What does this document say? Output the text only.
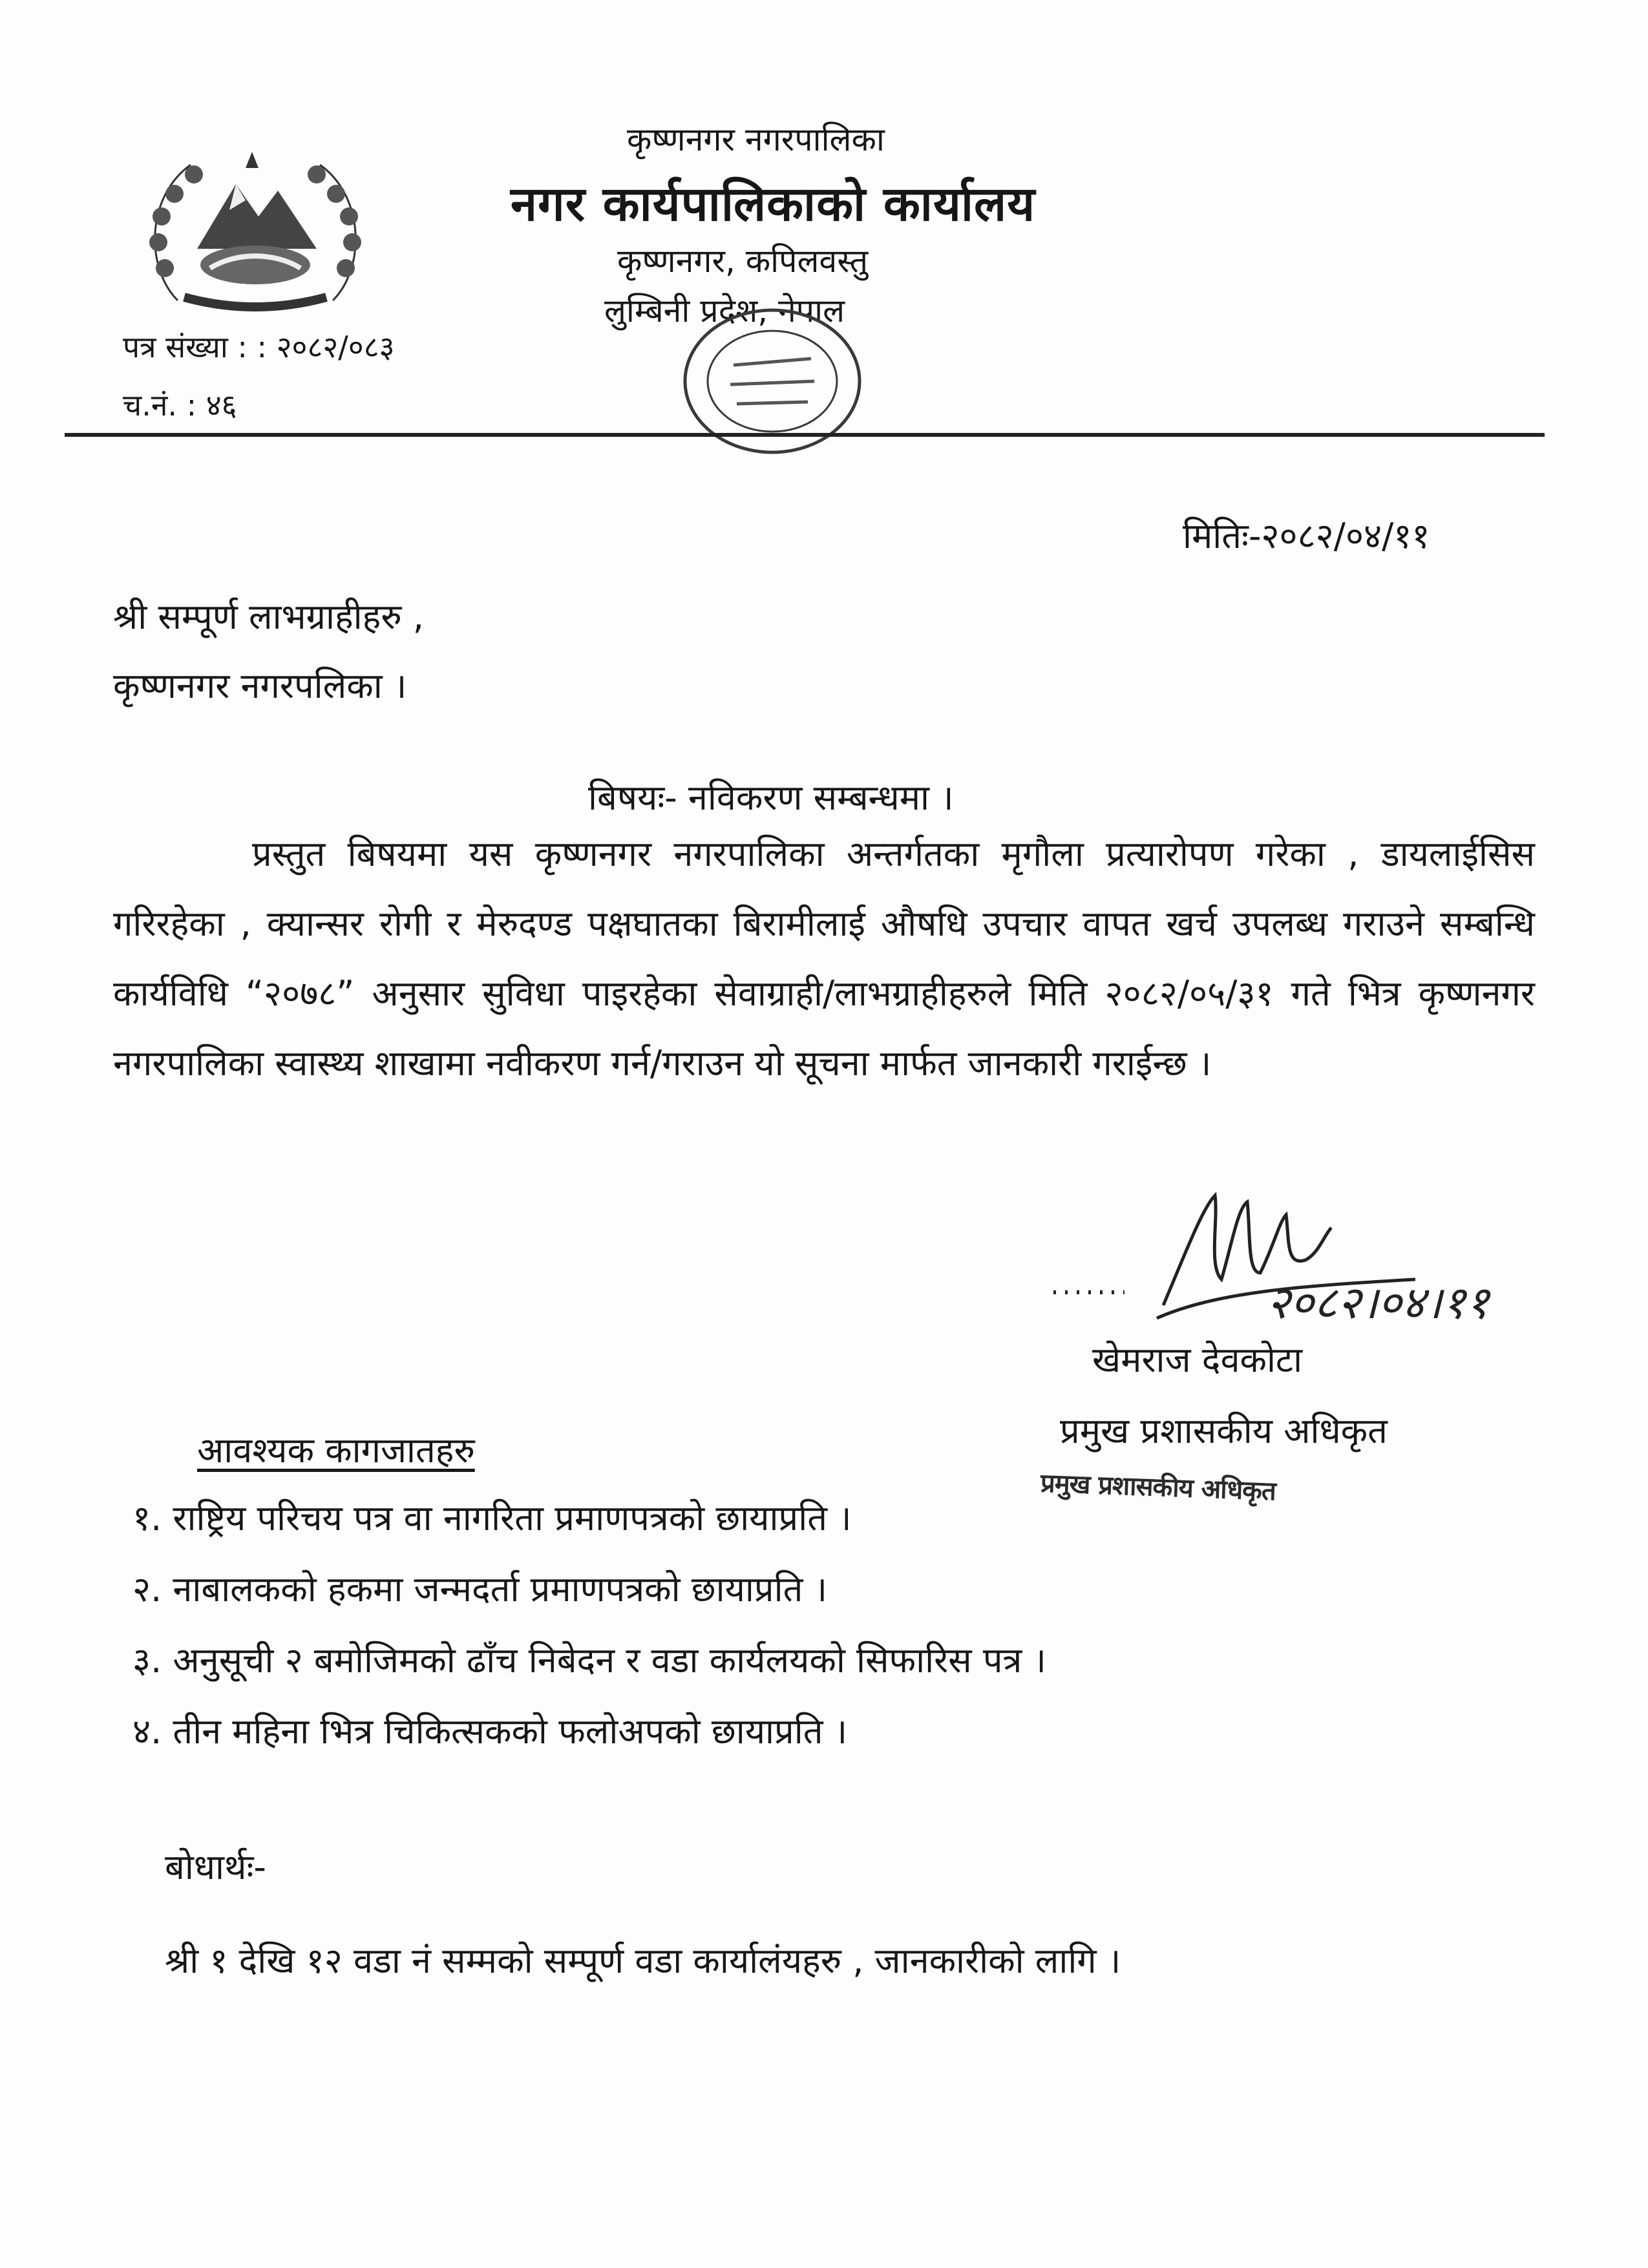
कृष्णनगर नगरपालिका
नगर कार्यपालिकाको कार्यालय
कृष्णनगर, कपिलवस्तु
लुम्बिनी प्रदेश, नेपाल
पत्र संख्या : : २०८२/०८३
च.नं. : ४६
मितिः-२०८२/०४/११
श्री सम्पूर्ण लाभग्राहीहरु ,
कृष्णनगर नगरपलिका ।
बिषयः- नविकरण सम्बन्धमा ।
प्रस्तुत बिषयमा यस कृष्णनगर नगरपालिका अन्तर्गतका मृगौला प्रत्यारोपण गरेका , डायलाईसिस गरिरहेका , क्यान्सर रोगी र मेरुदण्ड पक्षघातका बिरामीलाई औषधि उपचार वापत खर्च उपलब्ध गराउने सम्बन्धि कार्यविधि “२०७८” अनुसार सुविधा पाइरहेका सेवाग्राही/लाभग्राहीहरुले मिति २०८२/०५/३१ गते भित्र कृष्णनगर नगरपालिका स्वास्थ्य शाखामा नवीकरण गर्न/गराउन यो सूचना मार्फत जानकारी गराईन्छ ।
२०८२।०४।११
खेमराज देवकोटा
प्रमुख प्रशासकीय अधिकृत
प्रमुख प्रशासकीय अधिकृत
आवश्यक कागजातहरु
१. राष्ट्रिय परिचय पत्र वा नागरिता प्रमाणपत्रको छायाप्रति ।
२. नाबालकको हकमा जन्मदर्ता प्रमाणपत्रको छायाप्रति ।
३. अनुसूची २ बमोजिमको ढाँच निबेदन र वडा कार्यलयको सिफारिस पत्र ।
४. तीन महिना भित्र चिकित्सकको फलोअपको छायाप्रति ।
बोधार्थः-
श्री १ देखि १२ वडा नं सम्मको सम्पूर्ण वडा कार्यालंयहरु , जानकारीको लागि ।
